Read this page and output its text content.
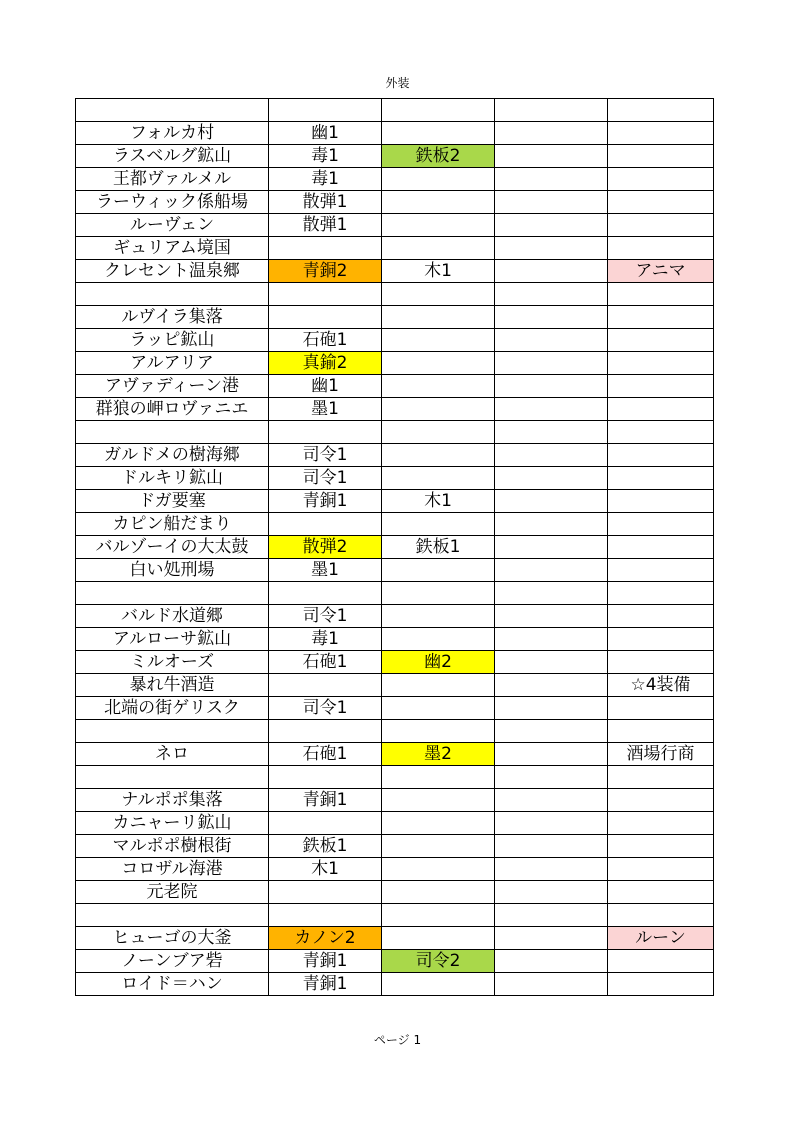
外装

フォルカ村	幽1			
ラスベルグ鉱山	毒1	鉄板2		
王都ヴァルメル	毒1			
ラーウィック係船場	散弾1			
ルーヴェン	散弾1			
ギュリアム境国				
クレセント温泉郷	青銅2	木1		アニマ

ルヴイラ集落				
ラッピ鉱山	石砲1			
アルアリア	真鍮2			
アヴァディーン港	幽1			
群狼の岬ロヴァニエ	墨1			

ガルドメの樹海郷	司令1			
ドルキリ鉱山	司令1			
ドガ要塞	青銅1	木1		
カピン船だまり				
バルゾーイの大太鼓	散弾2	鉄板1		
白い処刑場	墨1			

バルド水道郷	司令1			
アルローサ鉱山	毒1			
ミルオーズ	石砲1	幽2		
暴れ牛酒造				☆4装備
北端の街ゲリスク	司令1			

ネロ	石砲1	墨2		酒場行商

ナルポポ集落	青銅1			
カニャーリ鉱山				
マルポポ樹根街	鉄板1			
コロザル海港	木1			
元老院				

ヒューゴの大釜	カノン2			ルーン
ノーンブア砦	青銅1	司令2		
ロイド＝ハン	青銅1			
ページ 1
